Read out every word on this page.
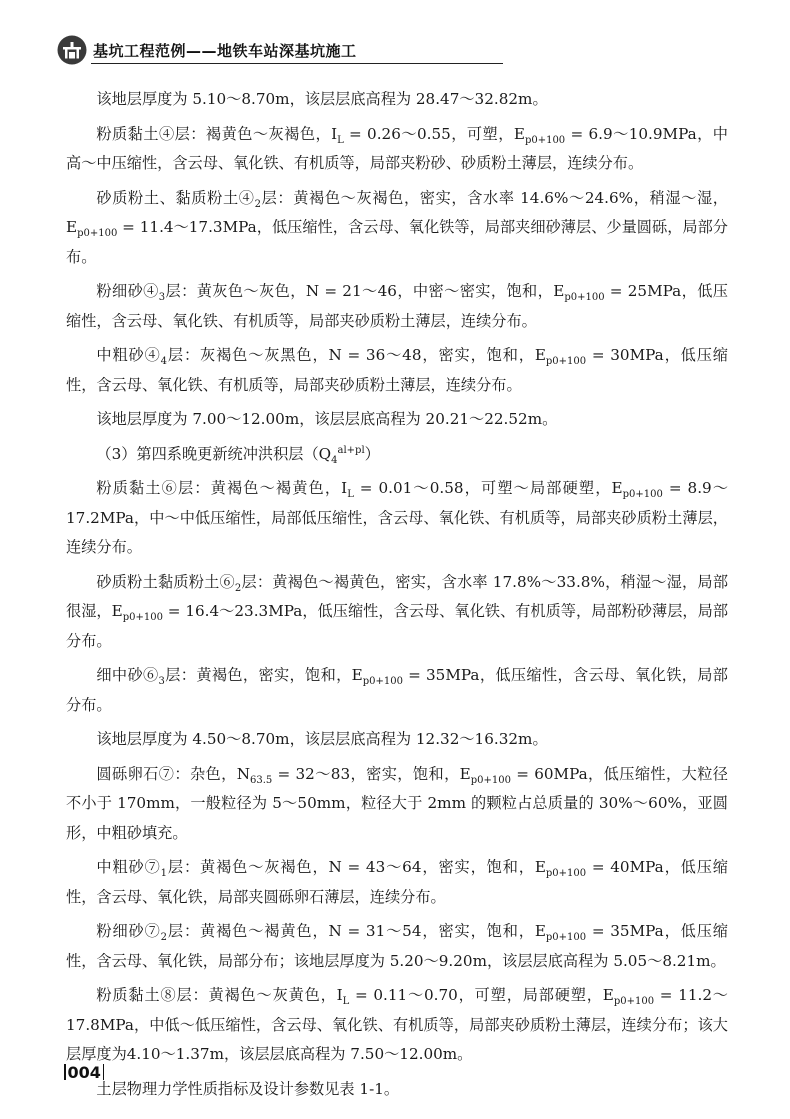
基坑工程范例——地铁车站深基坑施工

该地层厚度为 5.10～8.70m，该层层底高程为 28.47～32.82m。

粉质黏土④层：褐黄色～灰褐色，$I_L$ = 0.26～0.55，可塑，$E_{p0+100}$ = 6.9～10.9MPa，中高～中压缩性，含云母、氧化铁、有机质等，局部夹粉砂、砂质粉土薄层，连续分布。

砂质粉土、黏质粉土$④_2$层：黄褐色～灰褐色，密实，含水率 14.6%～24.6%，稍湿～湿，$E_{p0+100}$ = 11.4～17.3MPa，低压缩性，含云母、氧化铁等，局部夹细砂薄层、少量圆砾，局部分布。

粉细砂$④_3$层：黄灰色～灰色，N = 21～46，中密～密实，饱和，$E_{p0+100} = 25MPa$，低压缩性，含云母、氧化铁、有机质等，局部夹砂质粉土薄层，连续分布。

中粗砂$④_4$层：灰褐色～灰黑色，N = 36～48，密实，饱和，$E_{p0+100} = 30MPa$，低压缩性，含云母、氧化铁、有机质等，局部夹砂质粉土薄层，连续分布。

该地层厚度为 7.00～12.00m，该层层底高程为 20.21～22.52m。

（3）第四系晚更新统冲洪积层$(Q_4^{al+pl})$

粉质黏土⑥层：黄褐色～褐黄色，$I_L$ = 0.01～0.58，可塑～局部硬塑，$E_{p0+100}$ = 8.9～17.2MPa，中～中低压缩性，局部低压缩性，含云母、氧化铁、有机质等，局部夹砂质粉土薄层，连续分布。

砂质粉土黏质粉土$⑥_2$层：黄褐色～褐黄色，密实，含水率 17.8%～33.8%，稍湿～湿，局部很湿，$E_{p0+100}$ = 16.4～23.3MPa，低压缩性，含云母、氧化铁、有机质等，局部粉砂薄层，局部分布。

细中砂$⑥_3$层：黄褐色，密实，饱和，$E_{p0+100} = 35MPa$，低压缩性，含云母、氧化铁，局部分布。

该地层厚度为 4.50～8.70m，该层层底高程为 12.32～16.32m。

圆砾卵石⑦：杂色，$N_{63.5}$ = 32～83，密实，饱和，$E_{p0+100} = 60MPa$，低压缩性，大粒径不小于 170mm，一般粒径为 5～50mm，粒径大于 2mm 的颗粒占总质量的 30%～60%，亚圆形，中粗砂填充。

中粗砂$⑦_1$层：黄褐色～灰褐色，N = 43～64，密实，饱和，$E_{p0+100} = 40MPa$，低压缩性，含云母、氧化铁，局部夹圆砾卵石薄层，连续分布。

粉细砂$⑦_2$层：黄褐色～褐黄色，N = 31～54，密实，饱和，$E_{p0+100} = 35MPa$，低压缩性，含云母、氧化铁，局部分布；该地层厚度为 5.20～9.20m，该层层底高程为 5.05～8.21m。

粉质黏土⑧层：黄褐色～灰黄色，$I_L$ = 0.11～0.70，可塑，局部硬塑，$E_{p0+100}$ = 11.2～17.8MPa，中低～低压缩性，含云母、氧化铁、有机质等，局部夹砂质粉土薄层，连续分布；该大层厚度为4.10～1.37m，该层层底高程为 7.50～12.00m。

土层物理力学性质指标及设计参数见表 1-1。

004
